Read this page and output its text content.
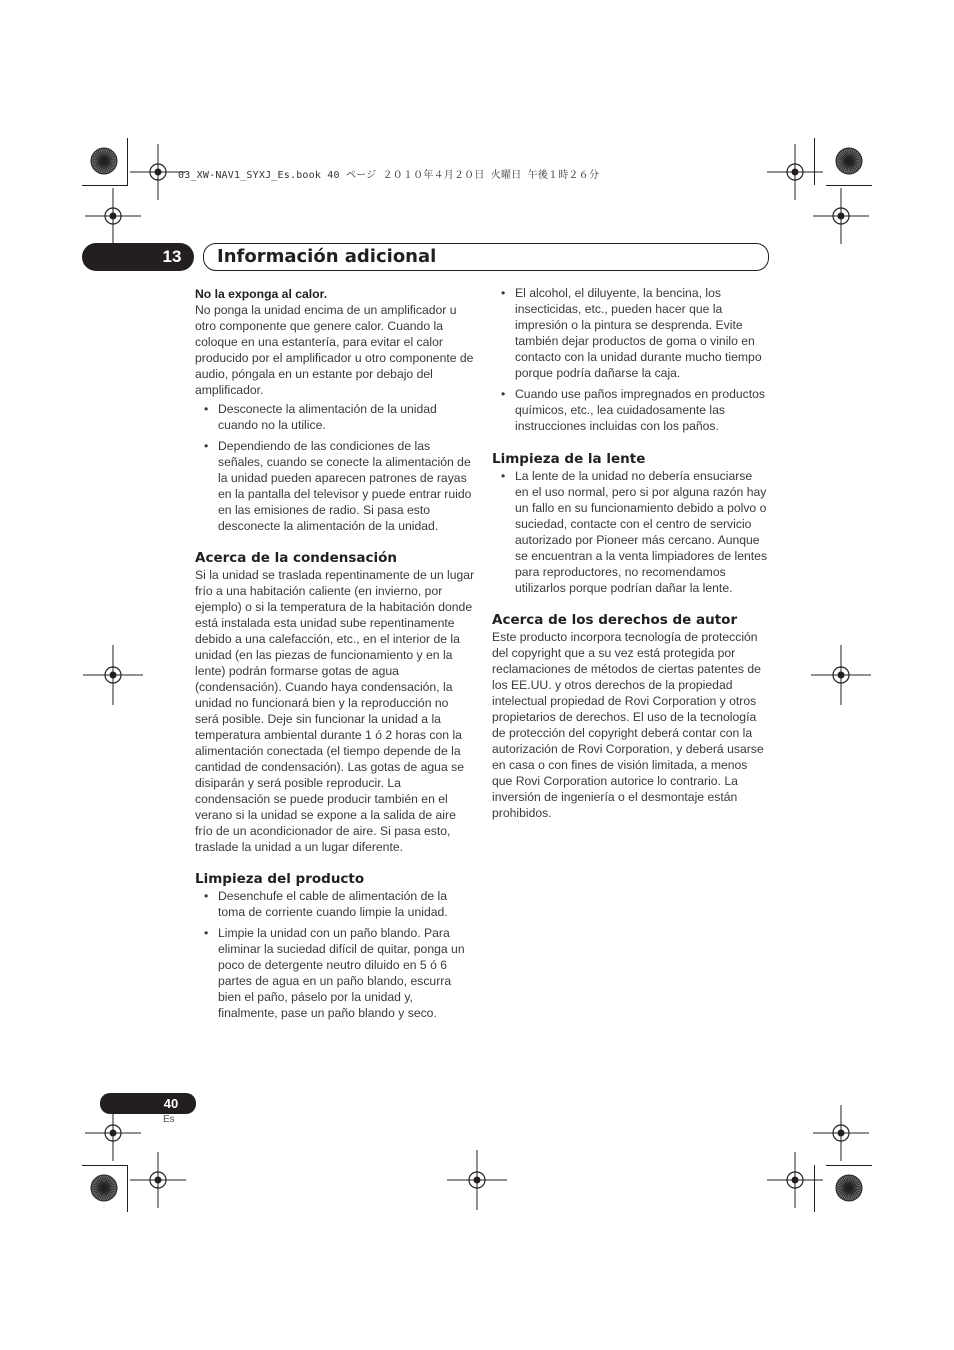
03_XW-NAV1_SYXJ_Es.book 40 ページ ２０１０年４月２０日 火曜日 午後１時２６分
13	Información adicional

No la exponga al calor.

No ponga la unidad encima de un amplificador u otro componente que genere calor. Cuando la coloque en una estantería, para evitar el calor producido por el amplificador u otro componente de audio, póngala en un estante por debajo del amplificador.

• Desconecte la alimentación de la unidad cuando no la utilice.
• Dependiendo de las condiciones de las señales, cuando se conecte la alimentación de la unidad pueden aparecen patrones de rayas en la pantalla del televisor y puede entrar ruido en las emisiones de radio. Si pasa esto desconecte la alimentación de la unidad.
Acerca de la condensación

Si la unidad se traslada repentinamente de un lugar frío a una habitación caliente (en invierno, por ejemplo) o si la temperatura de la habitación donde está instalada esta unidad sube repentinamente debido a una calefacción, etc., en el interior de la unidad (en las piezas de funcionamiento y en la lente) podrán formarse gotas de agua (condensación). Cuando haya condensación, la unidad no funcionará bien y la reproducción no será posible. Deje sin funcionar la unidad a la temperatura ambiental durante 1 ó 2 horas con la alimentación conectada (el tiempo depende de la cantidad de condensación). Las gotas de agua se disiparán y será posible reproducir. La condensación se puede producir también en el verano si la unidad se expone a la salida de aire frío de un acondicionador de aire. Si pasa esto, traslade la unidad a un lugar diferente.

Limpieza del producto
• Desenchufe el cable de alimentación de la toma de corriente cuando limpie la unidad.
• Limpie la unidad con un paño blando. Para eliminar la suciedad difícil de quitar, ponga un poco de detergente neutro diluido en 5 ó 6 partes de agua en un paño blando, escurra bien el paño, páselo por la unidad y, finalmente, pase un paño blando y seco.
• El alcohol, el diluyente, la bencina, los insecticidas, etc., pueden hacer que la impresión o la pintura se desprenda. Evite también dejar productos de goma o vinilo en contacto con la unidad durante mucho tiempo porque podría dañarse la caja.
• Cuando use paños impregnados en productos químicos, etc., lea cuidadosamente las instrucciones incluidas con los paños.
Limpieza de la lente
• La lente de la unidad no debería ensuciarse en el uso normal, pero si por alguna razón hay un fallo en su funcionamiento debido a polvo o suciedad, contacte con el centro de servicio autorizado por Pioneer más cercano. Aunque se encuentran a la venta limpiadores de lentes para reproductores, no recomendamos utilizarlos porque podrían dañar la lente.
Acerca de los derechos de autor

Este producto incorpora tecnología de protección del copyright que a su vez está protegida por reclamaciones de métodos de ciertas patentes de los EE.UU. y otros derechos de la propiedad intelectual propiedad de Rovi Corporation y otros propietarios de derechos. El uso de la tecnología de protección del copyright deberá contar con la autorización de Rovi Corporation, y deberá usarse en casa o con fines de visión limitada, a menos que Rovi Corporation autorice lo contrario. La inversión de ingeniería o el desmontaje están prohibidos.

40
Es
